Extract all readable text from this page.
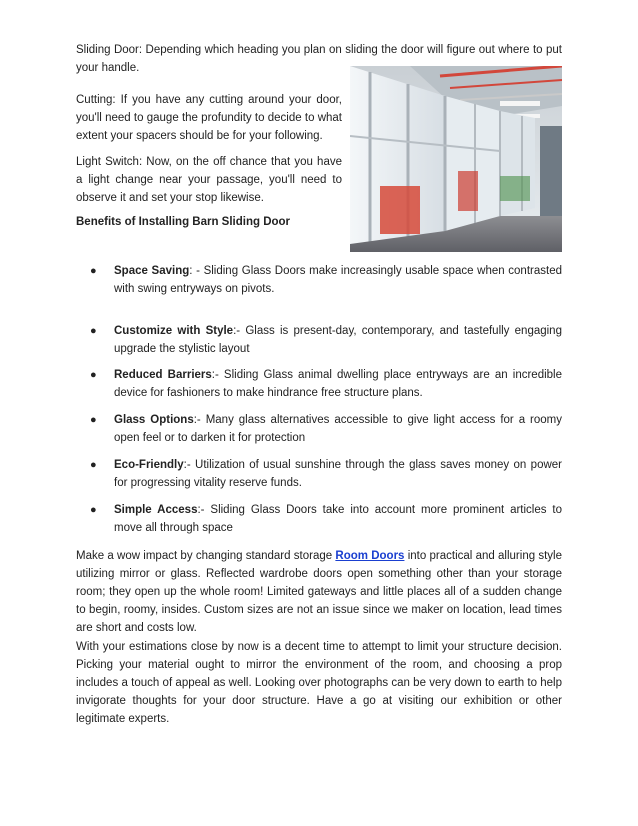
Sliding Door: Depending which heading you plan on sliding the door will figure out where to put your handle.

Cutting: If you have any cutting around your door, you'll need to gauge the profundity to decide to what extent your spacers should be for your following.

Light Switch: Now, on the off chance that you have a light change near your passage, you'll need to observe it and set your stop likewise.

Benefits of Installing Barn Sliding Door

● Space Saving: - Sliding Glass Doors make increasingly usable space when contrasted with swing entryways on pivots.

● Customize with Style:- Glass is present-day, contemporary, and tastefully engaging upgrade the stylistic layout

● Reduced Barriers:- Sliding Glass animal dwelling place entryways are an incredible device for fashioners to make hindrance free structure plans.

● Glass Options:- Many glass alternatives accessible to give light access for a roomy open feel or to darken it for protection

● Eco-Friendly:- Utilization of usual sunshine through the glass saves money on power for progressing vitality reserve funds.

● Simple Access:- Sliding Glass Doors take into account more prominent articles to move all through space

Make a wow impact by changing standard storage Room Doors into practical and alluring style utilizing mirror or glass. Reflected wardrobe doors open something other than your storage room; they open up the whole room! Limited gateways and little places all of a sudden change to begin, roomy, insides. Custom sizes are not an issue since we maker on location, lead times are short and costs low.

With your estimations close by now is a decent time to attempt to limit your structure decision. Picking your material ought to mirror the environment of the room, and choosing a prop includes a touch of appeal as well. Looking over photographs can be very down to earth to help invigorate thoughts for your door structure. Have a go at visiting our exhibition or other legitimate experts.
